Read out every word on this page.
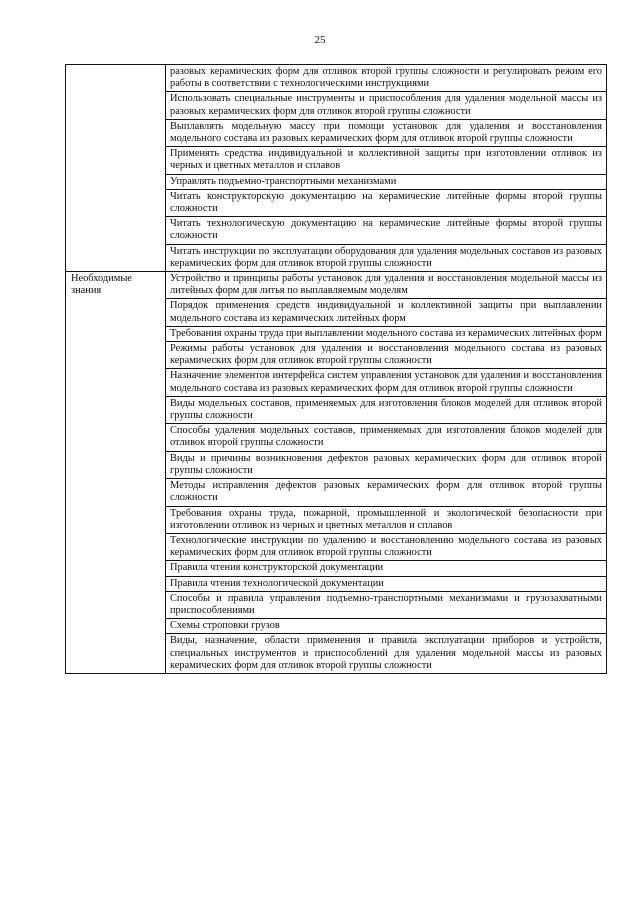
25
	разовых керамических форм для отливок второй группы сложности и регулировать режим его работы в соответствии с технологическими инструкциями
	Использовать специальные инструменты и приспособления для удаления модельной массы из разовых керамических форм для отливок второй группы сложности
	Выплавлять модельную массу при помощи установок для удаления и восстановления модельного состава из разовых керамических форм для отливок второй группы сложности
	Применять средства индивидуальной и коллективной защиты при изготовлении отливок из черных и цветных металлов и сплавов
	Управлять подъемно-транспортными механизмами
	Читать конструкторскую документацию на керамические литейные формы второй группы сложности
	Читать технологическую документацию на керамические литейные формы второй группы сложности
	Читать инструкции по эксплуатации оборудования для удаления модельных составов из разовых керамических форм для отливок второй группы сложности
Необходимые знания	Устройство и принципы работы установок для удаления и восстановления модельной массы из литейных форм для литья по выплавляемым моделям
	Порядок применения средств индивидуальной и коллективной защиты при выплавлении модельного состава из керамических литейных форм
	Требования охраны труда при выплавлении модельного состава из керамических литейных форм
	Режимы работы установок для удаления и восстановления модельного состава из разовых керамических форм для отливок второй группы сложности
	Назначение элементов интерфейса систем управления установок для удаления и восстановления модельного состава из разовых керамических форм для отливок второй группы сложности
	Виды модельных составов, применяемых для изготовления блоков моделей для отливок второй группы сложности
	Способы удаления модельных составов, применяемых для изготовления блоков моделей для отливок второй группы сложности
	Виды и причины возникновения дефектов разовых керамических форм для отливок второй группы сложности
	Методы исправления дефектов разовых керамических форм для отливок второй группы сложности
	Требования охраны труда, пожарной, промышленной и экологической безопасности при изготовлении отливок из черных и цветных металлов и сплавов
	Технологические инструкции по удалению и восстановлению модельного состава из разовых керамических форм для отливок второй группы сложности
	Правила чтения конструкторской документации
	Правила чтения технологической документации
	Способы и правила управления подъемно-транспортными механизмами и грузозахватными приспособлениями
	Схемы строповки грузов
	Виды, назначение, области применения и правила эксплуатации приборов и устройств, специальных инструментов и приспособлений для удаления модельной массы из разовых керамических форм для отливок второй группы сложности
